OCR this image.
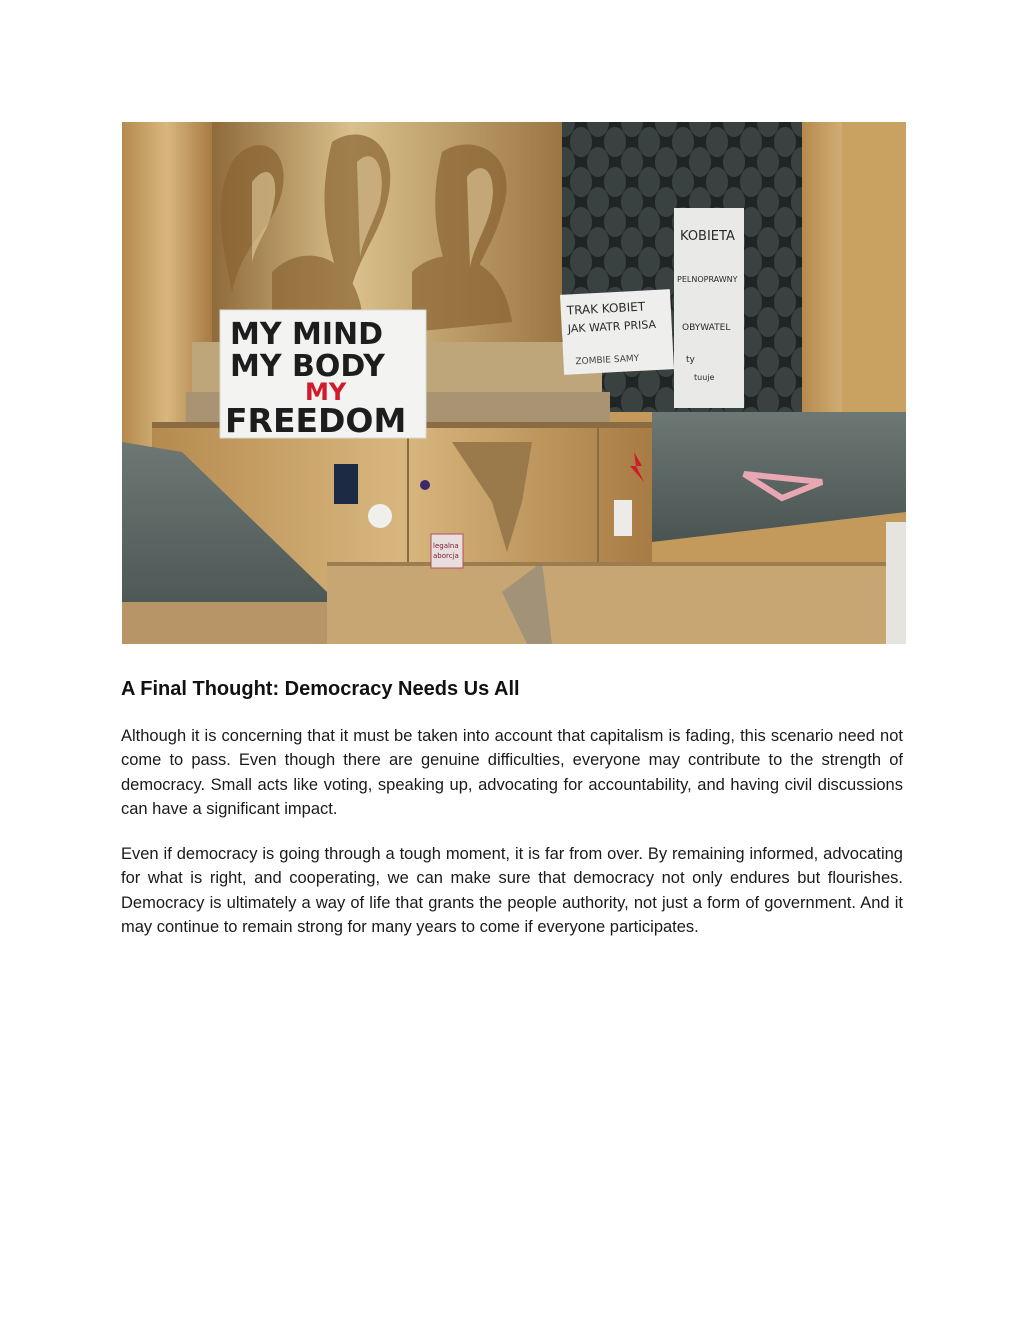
MY MIND
MY BODY
MY
FREEDOM
TRAK KOBIET
JAK WATR PRISA
ZOMBIE SAMY
KOBIETA
PELNOPRAWNY
OBYWATEL
ty
tuuje
legalna
aborcja
A Final Thought: Democracy Needs Us All

Although it is concerning that it must be taken into account that capitalism is fading, this scenario need not come to pass. Even though there are genuine difficulties, everyone may contribute to the strength of democracy. Small acts like voting, speaking up, advocating for accountability, and having civil discussions can have a significant impact.

Even if democracy is going through a tough moment, it is far from over. By remaining informed, advocating for what is right, and cooperating, we can make sure that democracy not only endures but flourishes. Democracy is ultimately a way of life that grants the people authority, not just a form of government. And it may continue to remain strong for many years to come if everyone participates.
